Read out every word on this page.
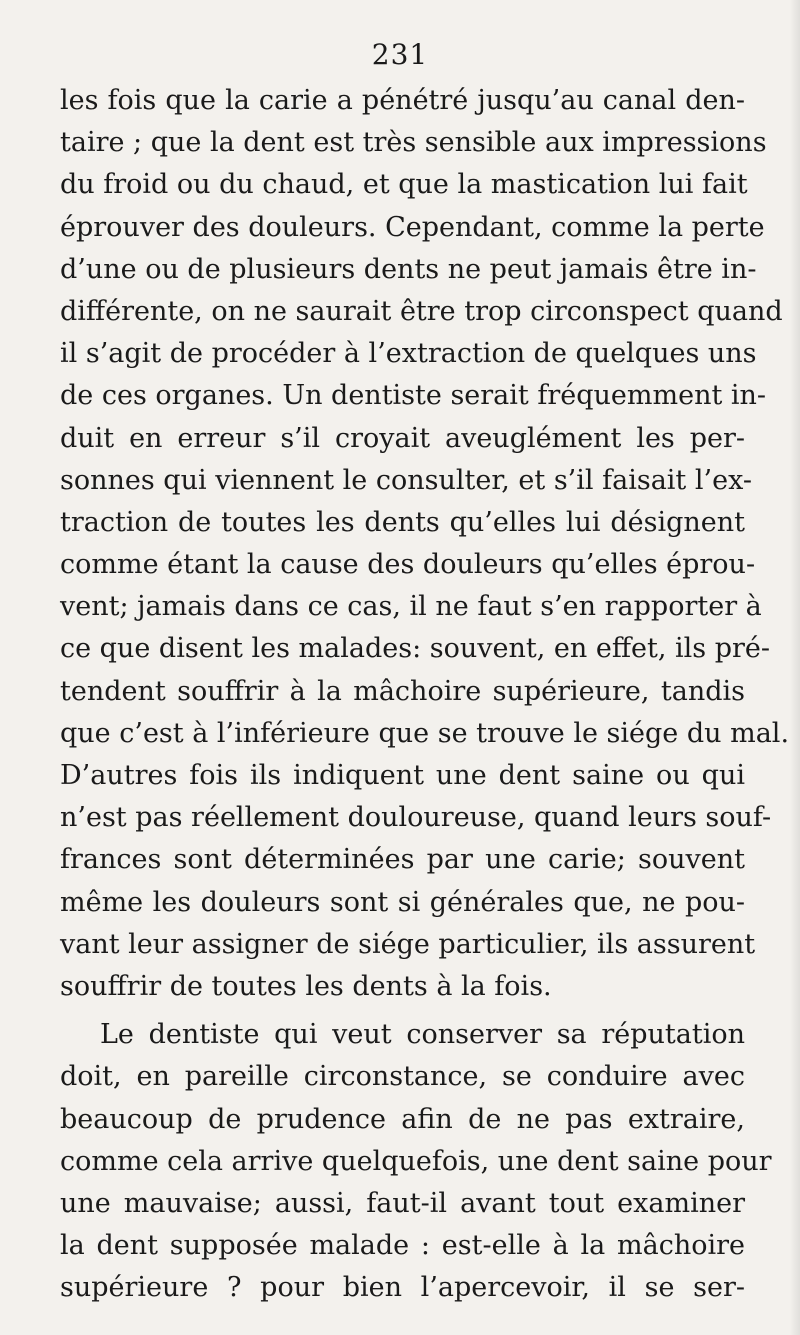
231
les fois que la carie a pénétré jusqu’au canal den-
taire ; que la dent est très sensible aux impressions
du froid ou du chaud, et que la mastication lui fait
éprouver des douleurs. Cependant, comme la perte
d’une ou de plusieurs dents ne peut jamais être in-
différente, on ne saurait être trop circonspect quand
il s’agit de procéder à l’extraction de quelques uns
de ces organes. Un dentiste serait fréquemment in-
duit en erreur s’il croyait aveuglément les per-
sonnes qui viennent le consulter, et s’il faisait l’ex-
traction de toutes les dents qu’elles lui désignent
comme étant la cause des douleurs qu’elles éprou-
vent; jamais dans ce cas, il ne faut s’en rapporter à
ce que disent les malades: souvent, en effet, ils pré-
tendent souffrir à la mâchoire supérieure, tandis
que c’est à l’inférieure que se trouve le siége du mal.
D’autres fois ils indiquent une dent saine ou qui
n’est pas réellement douloureuse, quand leurs souf-
frances sont déterminées par une carie; souvent
même les douleurs sont si générales que, ne pou-
vant leur assigner de siége particulier, ils assurent
souffrir de toutes les dents à la fois.
Le dentiste qui veut conserver sa réputation
doit, en pareille circonstance, se conduire avec
beaucoup de prudence afin de ne pas extraire,
comme cela arrive quelquefois, une dent saine pour
une mauvaise; aussi, faut-il avant tout examiner
la dent supposée malade : est-elle à la mâchoire
supérieure ? pour bien l’apercevoir, il se ser-
